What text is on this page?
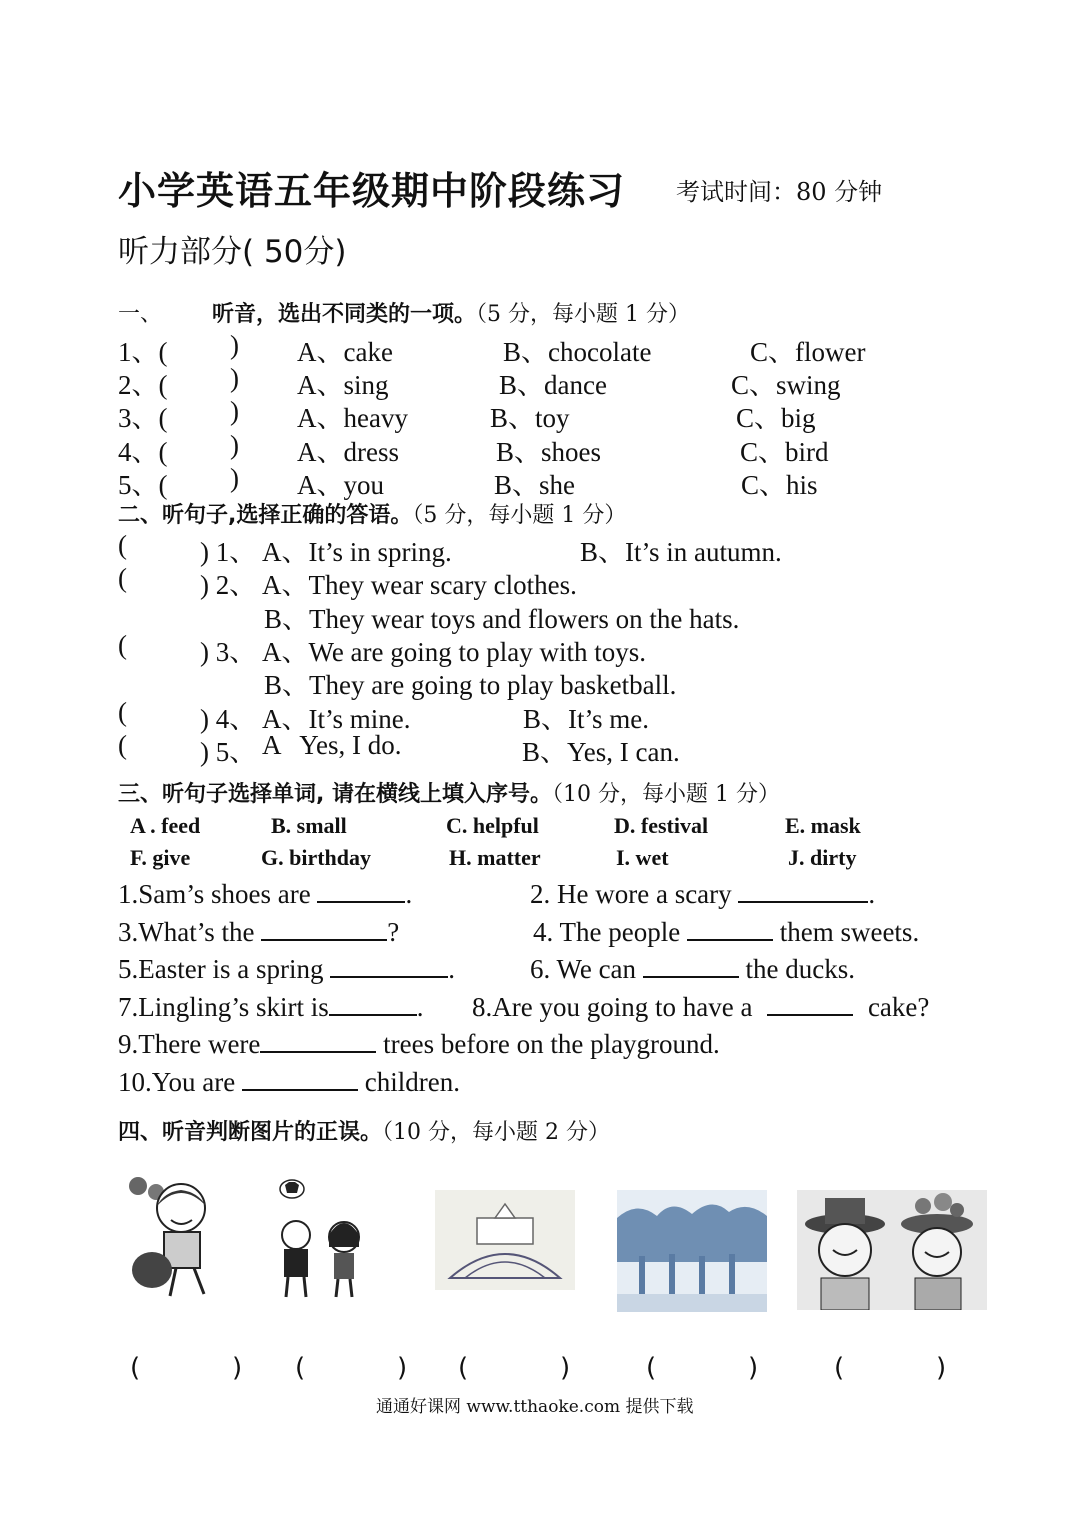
小学英语五年级期中阶段练习 考试时间：80 分钟
听力部分( 50分)
一、 听音，选出不同类的一项。（5 分，每小题 1 分）
1、( ) A、cake	B、chocolate	C、flower
2、( ) A、sing	B、dance	C、swing
3、( ) A、heavy	B、toy	C、big
4、( ) A、dress	B、shoes	C、bird
5、( ) A、you	B、she	C、his
二、听句子,选择正确的答语。（5 分，每小题 1 分）
(	) 1、 A、It’s in spring.	B、It’s in autumn.
(	) 2、 A、They wear scary clothes.
B、They wear toys and flowers on the hats.
(	) 3、 A、We are going to play with toys.
B、They are going to play basketball.
(	) 4、 A、It’s mine.	B、It’s me.
(	) 5、 A   Yes, I do.	B、Yes, I can.
三、听句子选择单词, 请在横线上填入序号。（10 分，每小题 1 分）
A . feed	B. small	C. helpful	D. festival	E. mask
F. give	G. birthday	H. matter	I. wet	J. dirty
1.Sam’s shoes are	.	2. He wore a scary	.
3.What’s the	?	4. The people	them sweets.
5.Easter is a spring	.	6. We can	the ducks.
7.Lingling’s skirt is	. 8.Are you going to have a	cake?
9.There were	trees before on the playground.
10.You are	children.
四、听音判断图片的正误。（10 分，每小题 2 分）
(	) (	) (	)	(	)	(	)
通通好课网 www.tthaoke.com 提供下载
